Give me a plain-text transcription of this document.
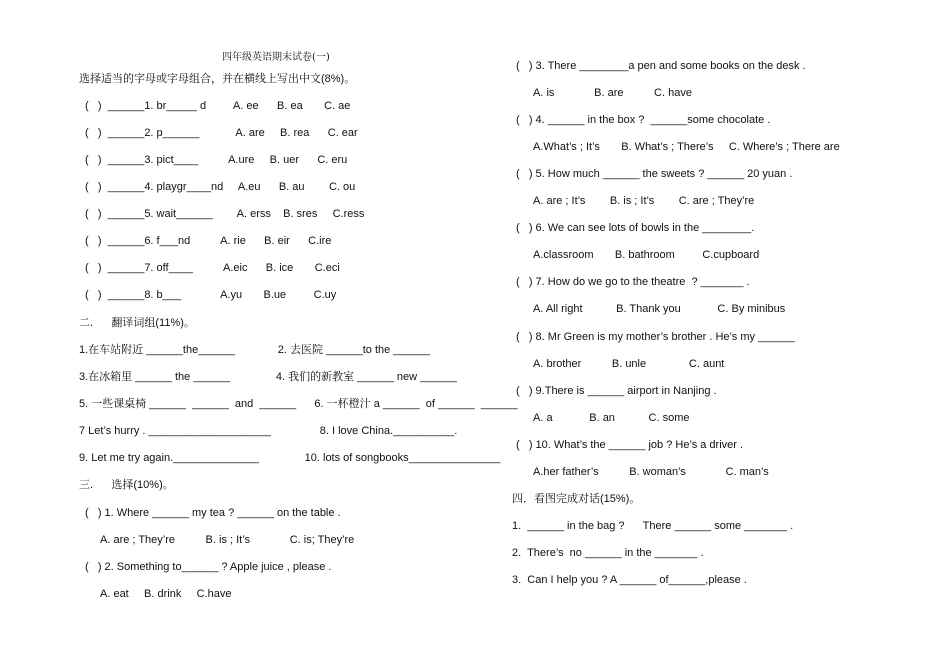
四年级英语期末试卷(一)
选择适当的字母或字母组合，并在横线上写出中文(8%)。
(   )  ______1. br_____ d         A. ee      B. ea       C. ae
(   )  ______2. p______            A. are     B. rea      C. ear
(   )  ______3. pict____          A.ure     B. uer      C. eru
(   )  ______4. playgr____nd     A.eu      B. au        C. ou
(   )  ______5. wait______        A. erss    B. sres     C.ress
(   )  ______6. f___nd          A. rie      B. eir      C.ire
(   )  ______7. off____          A.eic      B. ice       C.eci
(   )  ______8. b___             A.yu       B.ue         C.uy
二.      翻译词组(11%)。
1.在车站附近 ______the______              2. 去医院 ______to the ______
3.在冰箱里 ______ the ______               4. 我们的新教室 ______ new ______
5. 一些课桌椅 ______  ______  and  ______      6. 一杯橙汁 a ______  of ______  ______
7 Let’s hurry . ____________________                8. I love China.__________.
9. Let me try again.______________               10. lots of songbooks_______________
三.      选择(10%)。
(   ) 1. Where ______ my tea ? ______ on the table .
A. are ; They’re          B. is ; It’s             C. is; They’re
(   ) 2. Something to______ ? Apple juice , please .
A. eat     B. drink     C.have
(   ) 3. There ________a pen and some books on the desk .
A. is             B. are          C. have
(   ) 4. ______ in the box ?  ______some chocolate .
A.What’s ; It’s       B. What’s ; There’s     C. Where’s ; There are
(   ) 5. How much ______ the sweets ? ______ 20 yuan .
A. are ; It’s        B. is ; It’s        C. are ; They’re
(   ) 6. We can see lots of bowls in the ________.
A.classroom       B. bathroom         C.cupboard
(   ) 7. How do we go to the theatre  ? _______ .
A. All right           B. Thank you            C. By minibus
(   ) 8. Mr Green is my mother’s brother . He’s my ______
A. brother          B. unle              C. aunt
(   ) 9.There is ______ airport in Nanjing .
A. a            B. an           C. some
(   ) 10. What’s the ______ job ? He’s a driver .
A.her father’s          B. woman’s             C. man’s
四．看图完成对话(15%)。
1.  ______ in the bag ?      There ______ some _______ .
2.  There’s  no ______ in the _______ .
3.  Can I help you ? A ______ of______,please .
